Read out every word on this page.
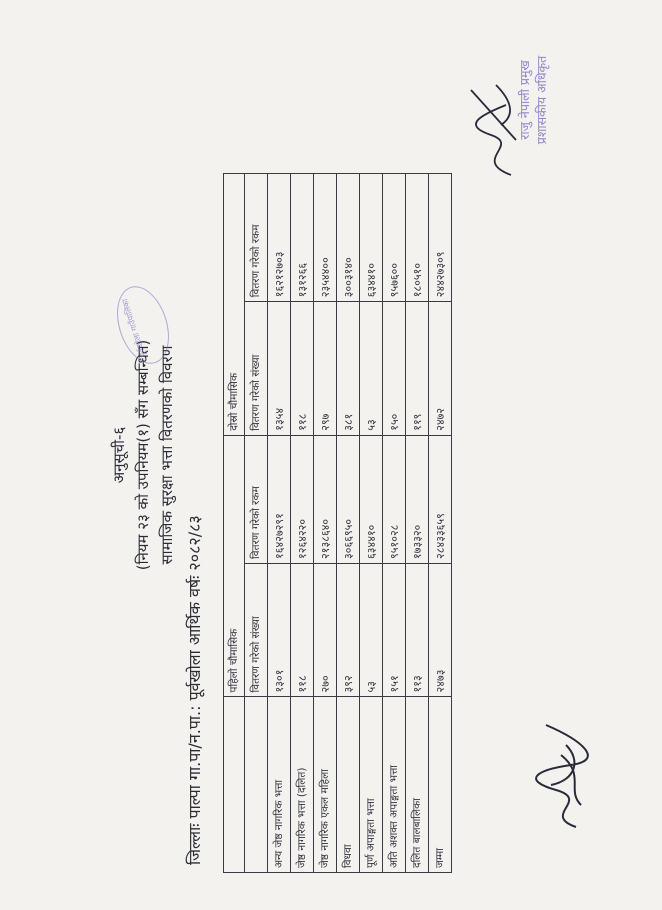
अनुसूची-६ (नियम २३ को उपनियम(१) सँग सम्बन्धित) सामाजिक सुरक्षा भत्ता वितरणको विवरण
पूर्वखोला गाउँपालिका
जिल्लाः पाल्पा गा.पा/न.पा.: पूर्वखोला आर्थिक वर्षः २०८२/८३
	पहिलो चौमासिक		दोस्रो चौमासिक	
	वितरण गरेको संख्या	वितरण गरेको रकम	वितरण गरेको संख्या	वितरण गरेको रकम
अन्य जेष्ठ नागरिक भत्ता	१३०१	१६४२७२९१	१३५४	१६२१२७०३
जेष्ठ नागरिक भत्ता (दलित)	११८	१२६४२२०	११८	१३१२६६
जेष्ठ नागरिक एकल महिला	२७०	२१३८६४०	२९७	२३५४४००
विधवा	३९२	३०६६९५०	३८१	३००३१४०
पूर्ण अपाङ्गता भत्ता	५३	६३४४१०	५३	६३४४१०
अति अशक्त अपाङ्गता भत्ता	१५१	९५१०२८	१५०	९५७६००
दलित बालबालिका	११३	१७३३२०	११९	१८०५१०
जम्मा	२४७३	२८४३३६५९	२४७२	२४४२७३०९
राजु नेपाली प्रमुख प्रशासकीय अधिकृत
